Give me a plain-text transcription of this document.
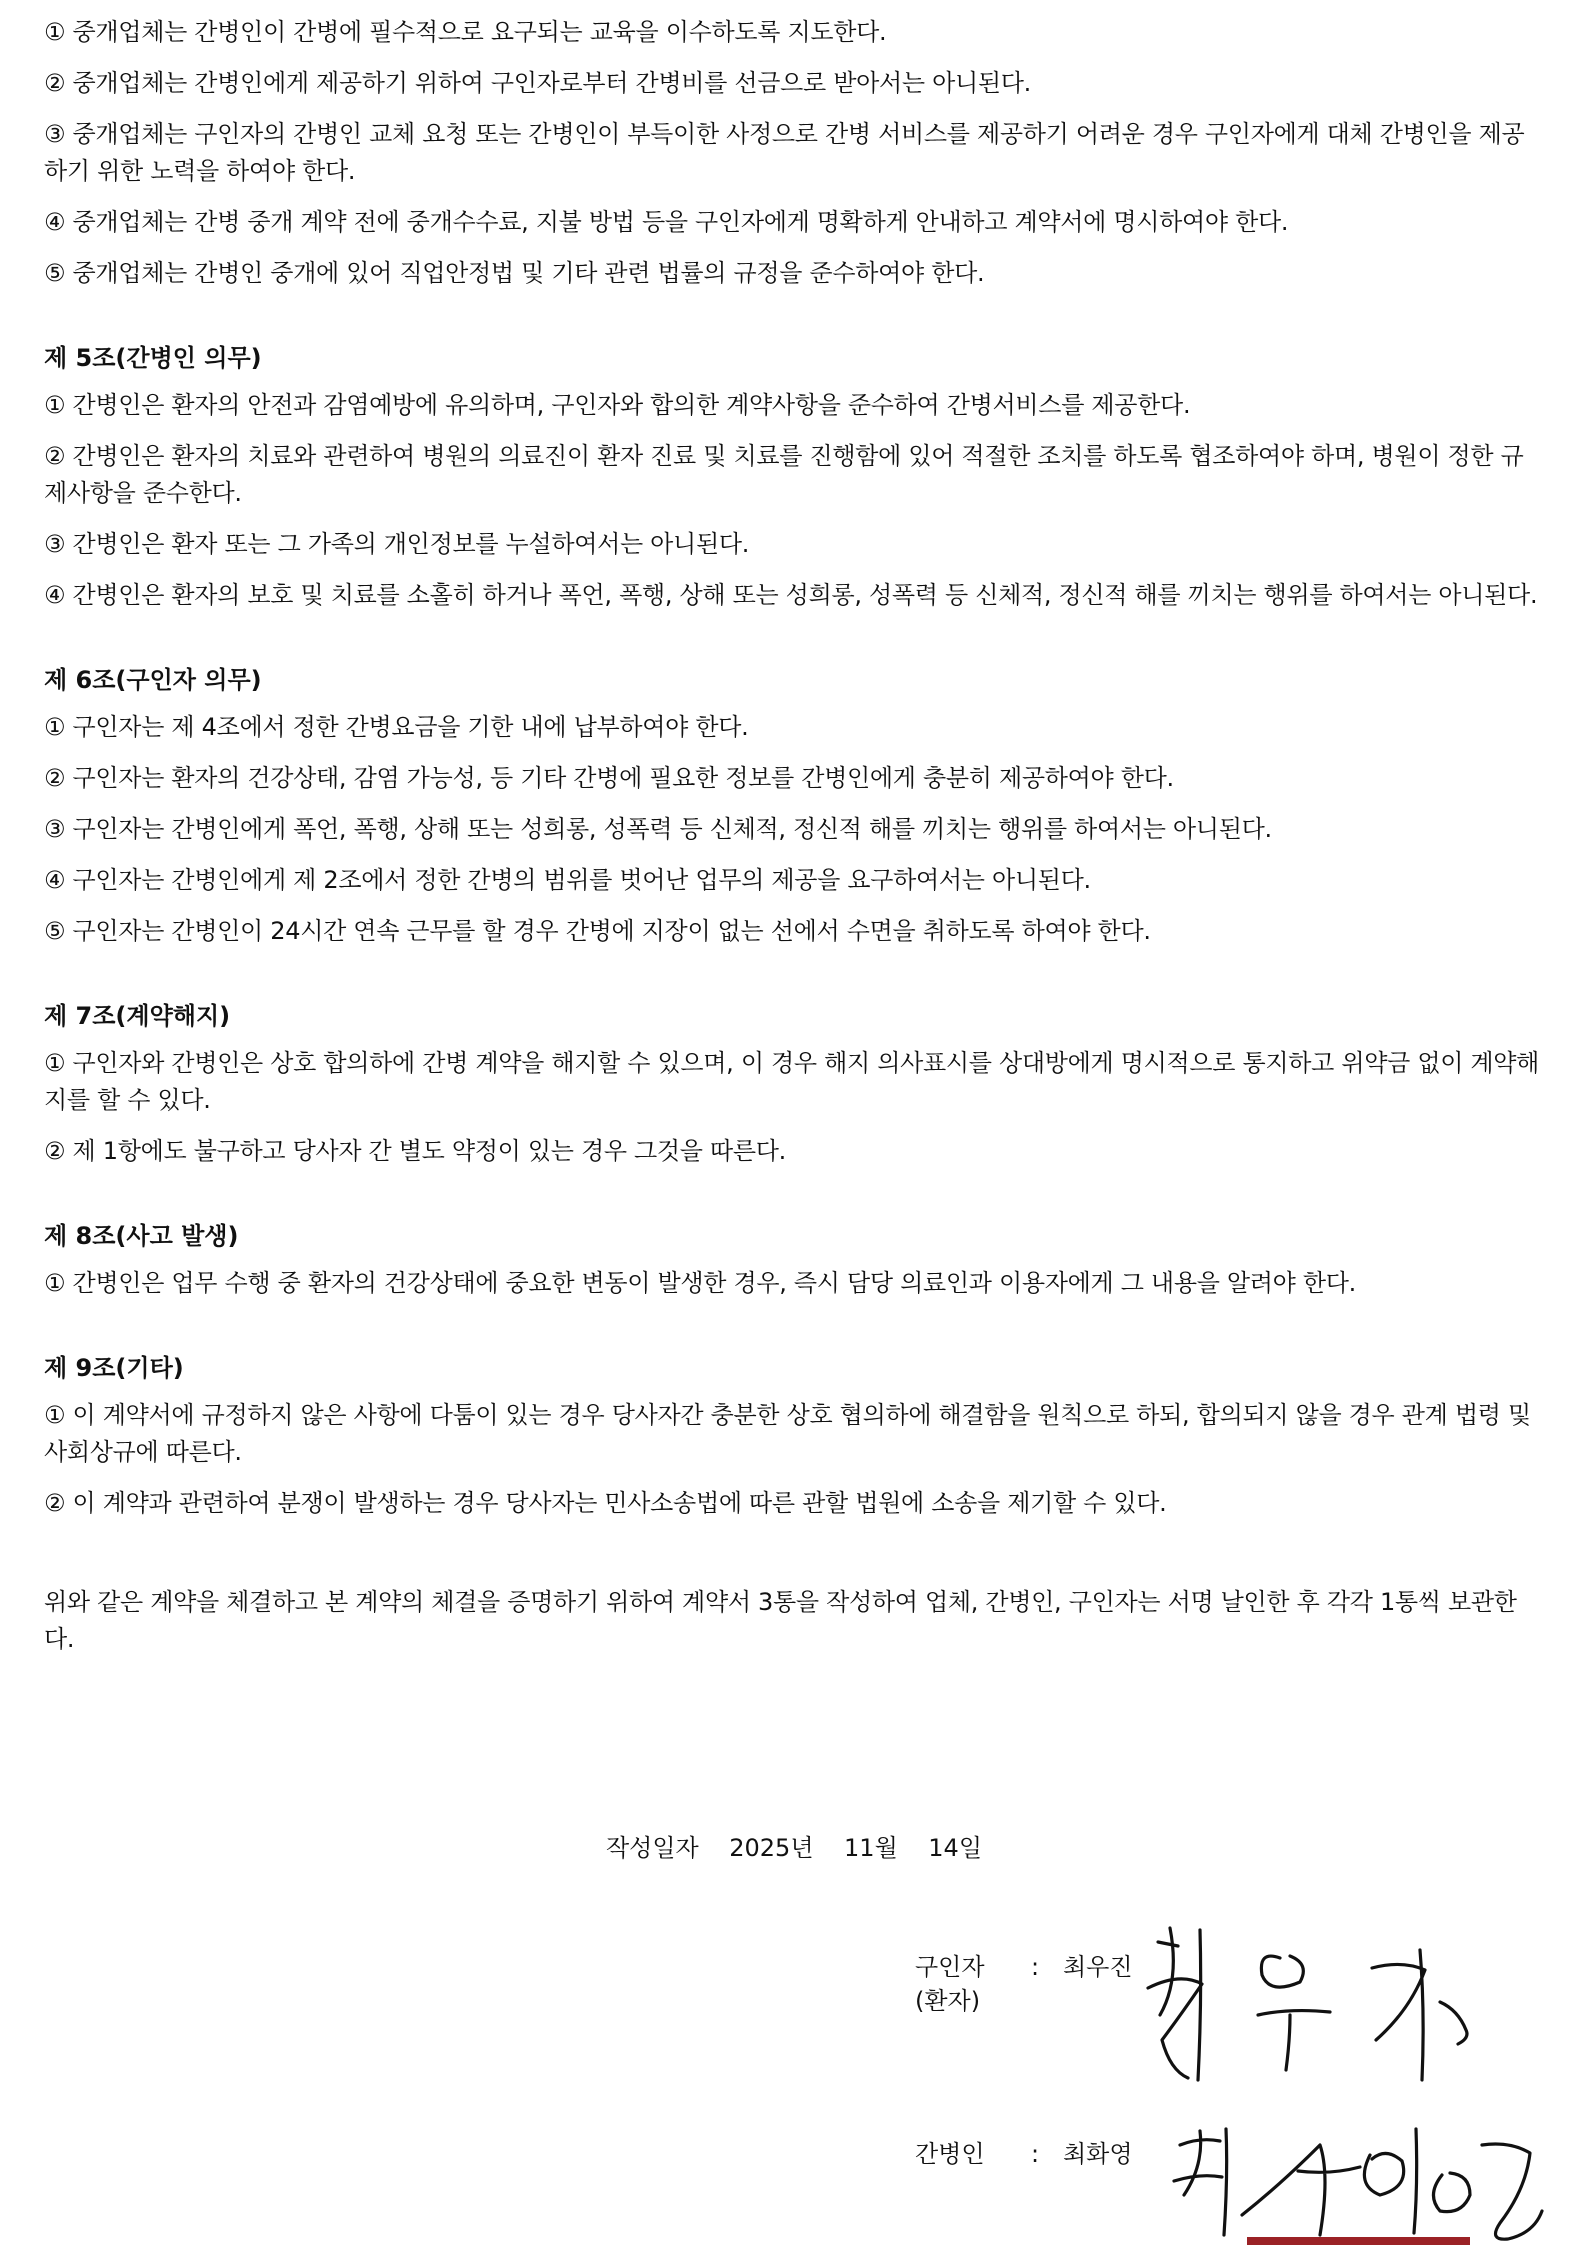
① 중개업체는 간병인이 간병에 필수적으로 요구되는 교육을 이수하도록 지도한다.

② 중개업체는 간병인에게 제공하기 위하여 구인자로부터 간병비를 선금으로 받아서는 아니된다.

③ 중개업체는 구인자의 간병인 교체 요청 또는 간병인이 부득이한 사정으로 간병 서비스를 제공하기 어려운 경우 구인자에게 대체 간병인을 제공하기 위한 노력을 하여야 한다.

④ 중개업체는 간병 중개 계약 전에 중개수수료, 지불 방법 등을 구인자에게 명확하게 안내하고 계약서에 명시하여야 한다.

⑤ 중개업체는 간병인 중개에 있어 직업안정법 및 기타 관련 법률의 규정을 준수하여야 한다.

제 5조(간병인 의무)

① 간병인은 환자의 안전과 감염예방에 유의하며, 구인자와 합의한 계약사항을 준수하여 간병서비스를 제공한다.

② 간병인은 환자의 치료와 관련하여 병원의 의료진이 환자 진료 및 치료를 진행함에 있어 적절한 조치를 하도록 협조하여야 하며, 병원이 정한 규제사항을 준수한다.

③ 간병인은 환자 또는 그 가족의 개인정보를 누설하여서는 아니된다.

④ 간병인은 환자의 보호 및 치료를 소홀히 하거나 폭언, 폭행, 상해 또는 성희롱, 성폭력 등 신체적, 정신적 해를 끼치는 행위를 하여서는 아니된다.

제 6조(구인자 의무)

① 구인자는 제 4조에서 정한 간병요금을 기한 내에 납부하여야 한다.

② 구인자는 환자의 건강상태, 감염 가능성, 등 기타 간병에 필요한 정보를 간병인에게 충분히 제공하여야 한다.

③ 구인자는 간병인에게 폭언, 폭행, 상해 또는 성희롱, 성폭력 등 신체적, 정신적 해를 끼치는 행위를 하여서는 아니된다.

④ 구인자는 간병인에게 제 2조에서 정한 간병의 범위를 벗어난 업무의 제공을 요구하여서는 아니된다.

⑤ 구인자는 간병인이 24시간 연속 근무를 할 경우 간병에 지장이 없는 선에서 수면을 취하도록 하여야 한다.

제 7조(계약해지)

① 구인자와 간병인은 상호 합의하에 간병 계약을 해지할 수 있으며, 이 경우 해지 의사표시를 상대방에게 명시적으로 통지하고 위약금 없이 계약해지를 할 수 있다.

② 제 1항에도 불구하고 당사자 간 별도 약정이 있는 경우 그것을 따른다.

제 8조(사고 발생)

① 간병인은 업무 수행 중 환자의 건강상태에 중요한 변동이 발생한 경우, 즉시 담당 의료인과 이용자에게 그 내용을 알려야 한다.

제 9조(기타)

① 이 계약서에 규정하지 않은 사항에 다툼이 있는 경우 당사자간 충분한 상호 협의하에 해결함을 원칙으로 하되, 합의되지 않을 경우 관계 법령 및 사회상규에 따른다.

② 이 계약과 관련하여 분쟁이 발생하는 경우 당사자는 민사소송법에 따른 관할 법원에 소송을 제기할 수 있다.

위와 같은 계약을 체결하고 본 계약의 체결을 증명하기 위하여 계약서 3통을 작성하여 업체, 간병인, 구인자는 서명 날인한 후 각각 1통씩 보관한다.

작성일자 2025년 11월 14일
구인자
(환자): 최우진
간병인 : 최화영
